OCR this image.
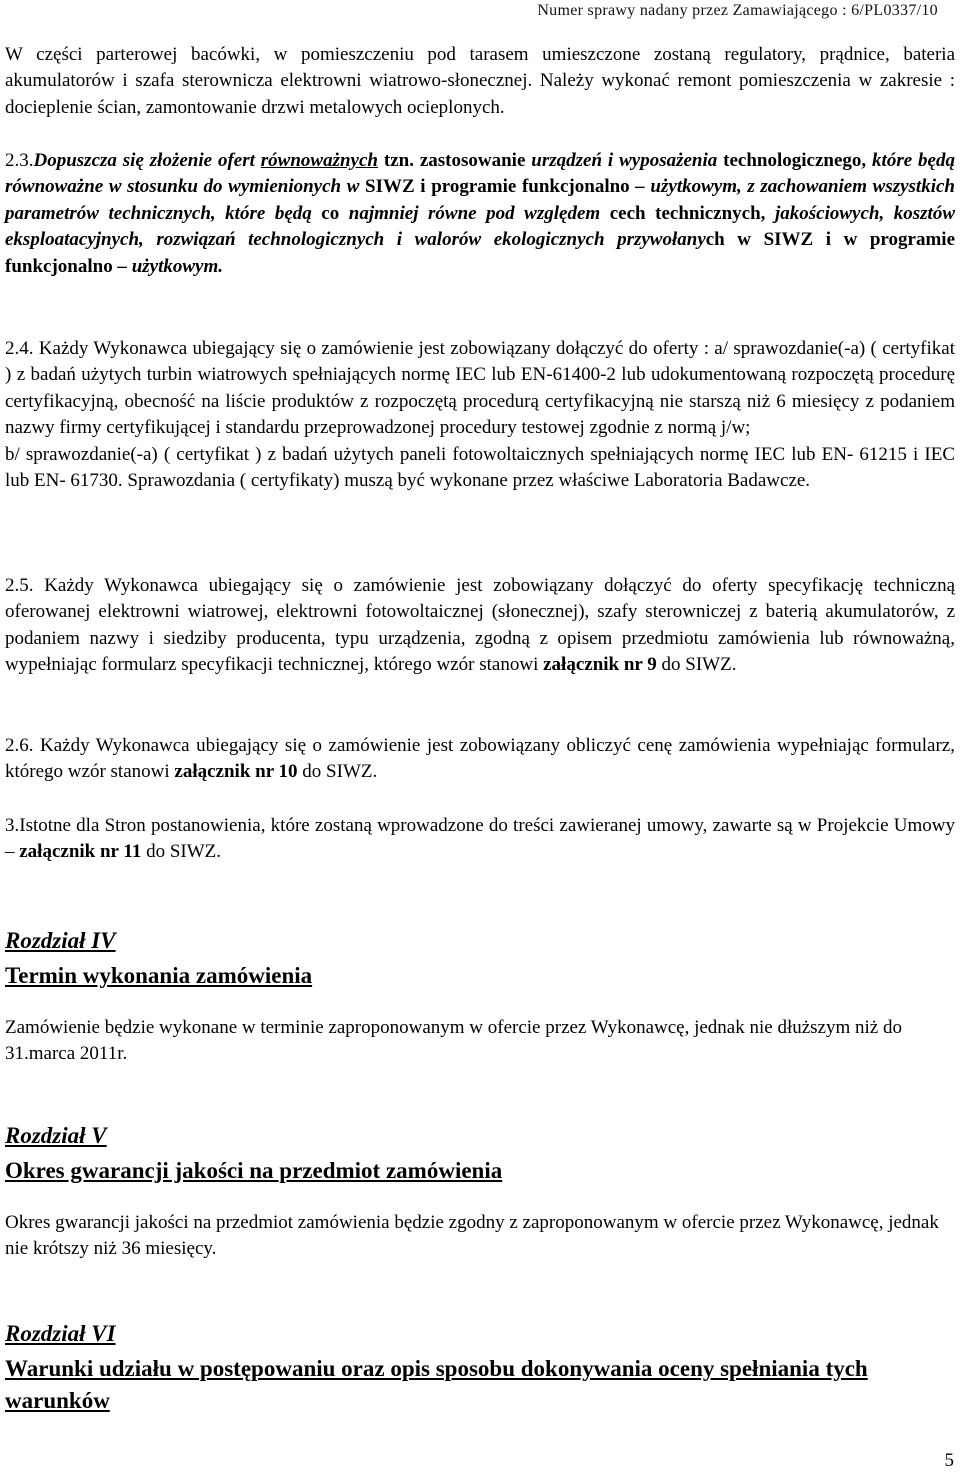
Numer sprawy nadany przez Zamawiającego : 6/PL0337/10

W części parterowej bacówki, w pomieszczeniu pod tarasem umieszczone zostaną regulatory, prądnice, bateria akumulatorów i szafa sterownicza elektrowni wiatrowo-słonecznej. Należy wykonać remont pomieszczenia w zakresie : docieplenie ścian, zamontowanie drzwi metalowych ocieplonych.

2.3.Dopuszcza się złożenie ofert równoważnych tzn. zastosowanie urządzeń i wyposażenia technologicznego, które będą równoważne w stosunku do wymienionych w SIWZ i programie funkcjonalno – użytkowym, z zachowaniem wszystkich parametrów technicznych, które będą co najmniej równe pod względem cech technicznych, jakościowych, kosztów eksploatacyjnych, rozwiązań technologicznych i walorów ekologicznych przywołanych w SIWZ i w programie funkcjonalno – użytkowym.

2.4. Każdy Wykonawca ubiegający się o zamówienie jest zobowiązany dołączyć do oferty : a/ sprawozdanie(-a) ( certyfikat ) z badań użytych turbin wiatrowych spełniających normę IEC lub EN-61400-2 lub udokumentowaną rozpoczętą procedurę certyfikacyjną, obecność na liście produktów z rozpoczętą procedurą certyfikacyjną nie starszą niż 6 miesięcy z podaniem nazwy firmy certyfikującej i standardu przeprowadzonej procedury testowej zgodnie z normą j/w;
b/ sprawozdanie(-a) ( certyfikat ) z badań użytych paneli fotowoltaicznych spełniających normę IEC lub EN- 61215 i IEC lub EN- 61730. Sprawozdania ( certyfikaty) muszą być wykonane przez właściwe Laboratoria Badawcze.

2.5. Każdy Wykonawca ubiegający się o zamówienie jest zobowiązany dołączyć do oferty specyfikację techniczną oferowanej elektrowni wiatrowej, elektrowni fotowoltaicznej (słonecznej), szafy sterowniczej z baterią akumulatorów, z podaniem nazwy i siedziby producenta, typu urządzenia, zgodną z opisem przedmiotu zamówienia lub równoważną, wypełniając formularz specyfikacji technicznej, którego wzór stanowi załącznik nr 9 do SIWZ.

2.6. Każdy Wykonawca ubiegający się o zamówienie jest zobowiązany obliczyć cenę zamówienia wypełniając formularz, którego wzór stanowi załącznik nr 10 do SIWZ.

3.Istotne dla Stron postanowienia, które zostaną wprowadzone do treści zawieranej umowy, zawarte są w Projekcie Umowy – załącznik nr 11 do SIWZ.

Rozdział IV
Termin wykonania zamówienia

Zamówienie będzie wykonane w terminie zaproponowanym w ofercie przez Wykonawcę, jednak nie dłuższym niż do 31.marca 2011r.

Rozdział V
Okres gwarancji jakości na przedmiot zamówienia

Okres gwarancji jakości na przedmiot zamówienia będzie zgodny z zaproponowanym w ofercie przez Wykonawcę, jednak nie krótszy niż 36 miesięcy.

Rozdział VI
Warunki udziału w postępowaniu oraz opis sposobu dokonywania oceny spełniania tych warunków
5
